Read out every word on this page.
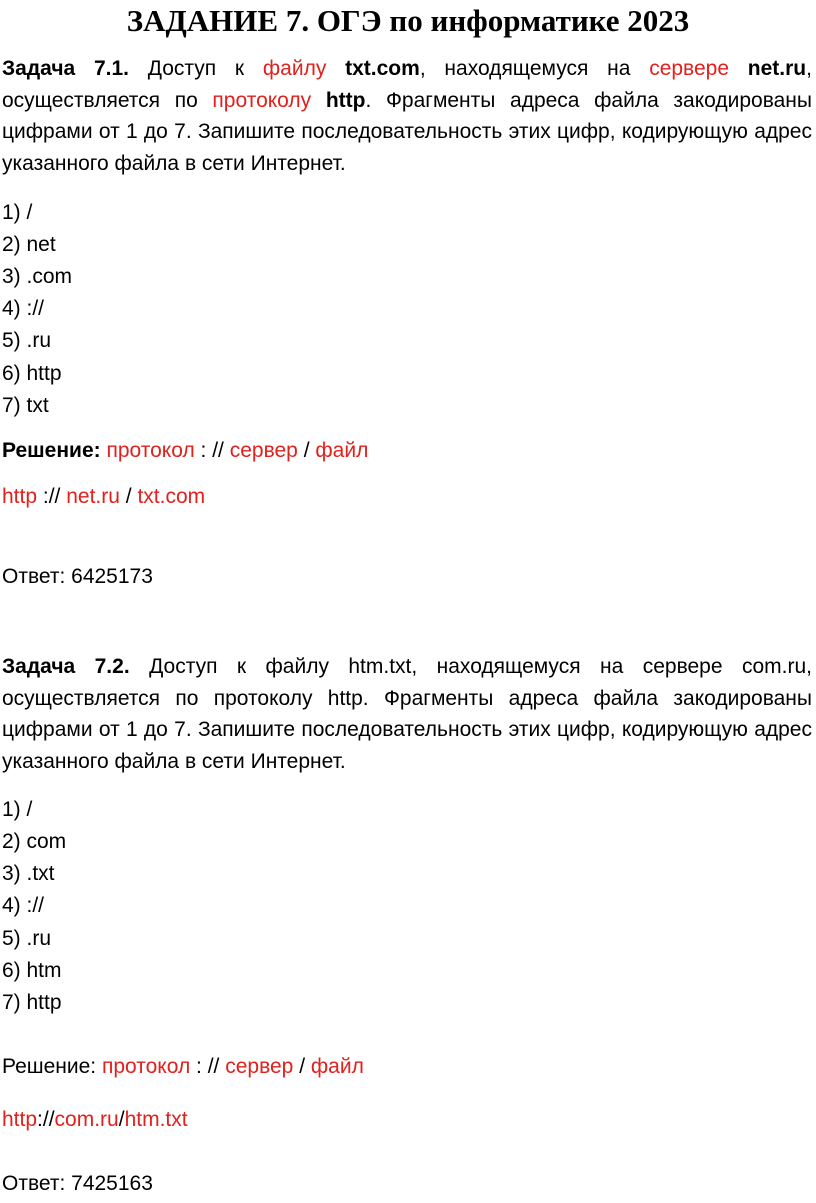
ЗАДАНИЕ 7. ОГЭ по информатике 2023
Задача 7.1. Доступ к файлу txt.com, находящемуся на сервере net.ru, осуществляется по протоколу http. Фрагменты адреса файла закодированы цифрами от 1 до 7. Запишите последовательность этих цифр, кодирующую адрес указанного файла в сети Интернет.
1) /
2) net
3) .com
4) ://
5) .ru
6) http
7) txt
Решение: протокол : // сервер / файл
http :// net.ru / txt.com
Ответ: 6425173
Задача 7.2. Доступ к файлу htm.txt, находящемуся на сервере com.ru, осуществляется по протоколу http. Фрагменты адреса файла закодированы цифрами от 1 до 7. Запишите последовательность этих цифр, кодирующую адрес указанного файла в сети Интернет.
1) /
2) com
3) .txt
4) ://
5) .ru
6) htm
7) http
Решение: протокол : // сервер / файл
http://com.ru/htm.txt
Ответ: 7425163
